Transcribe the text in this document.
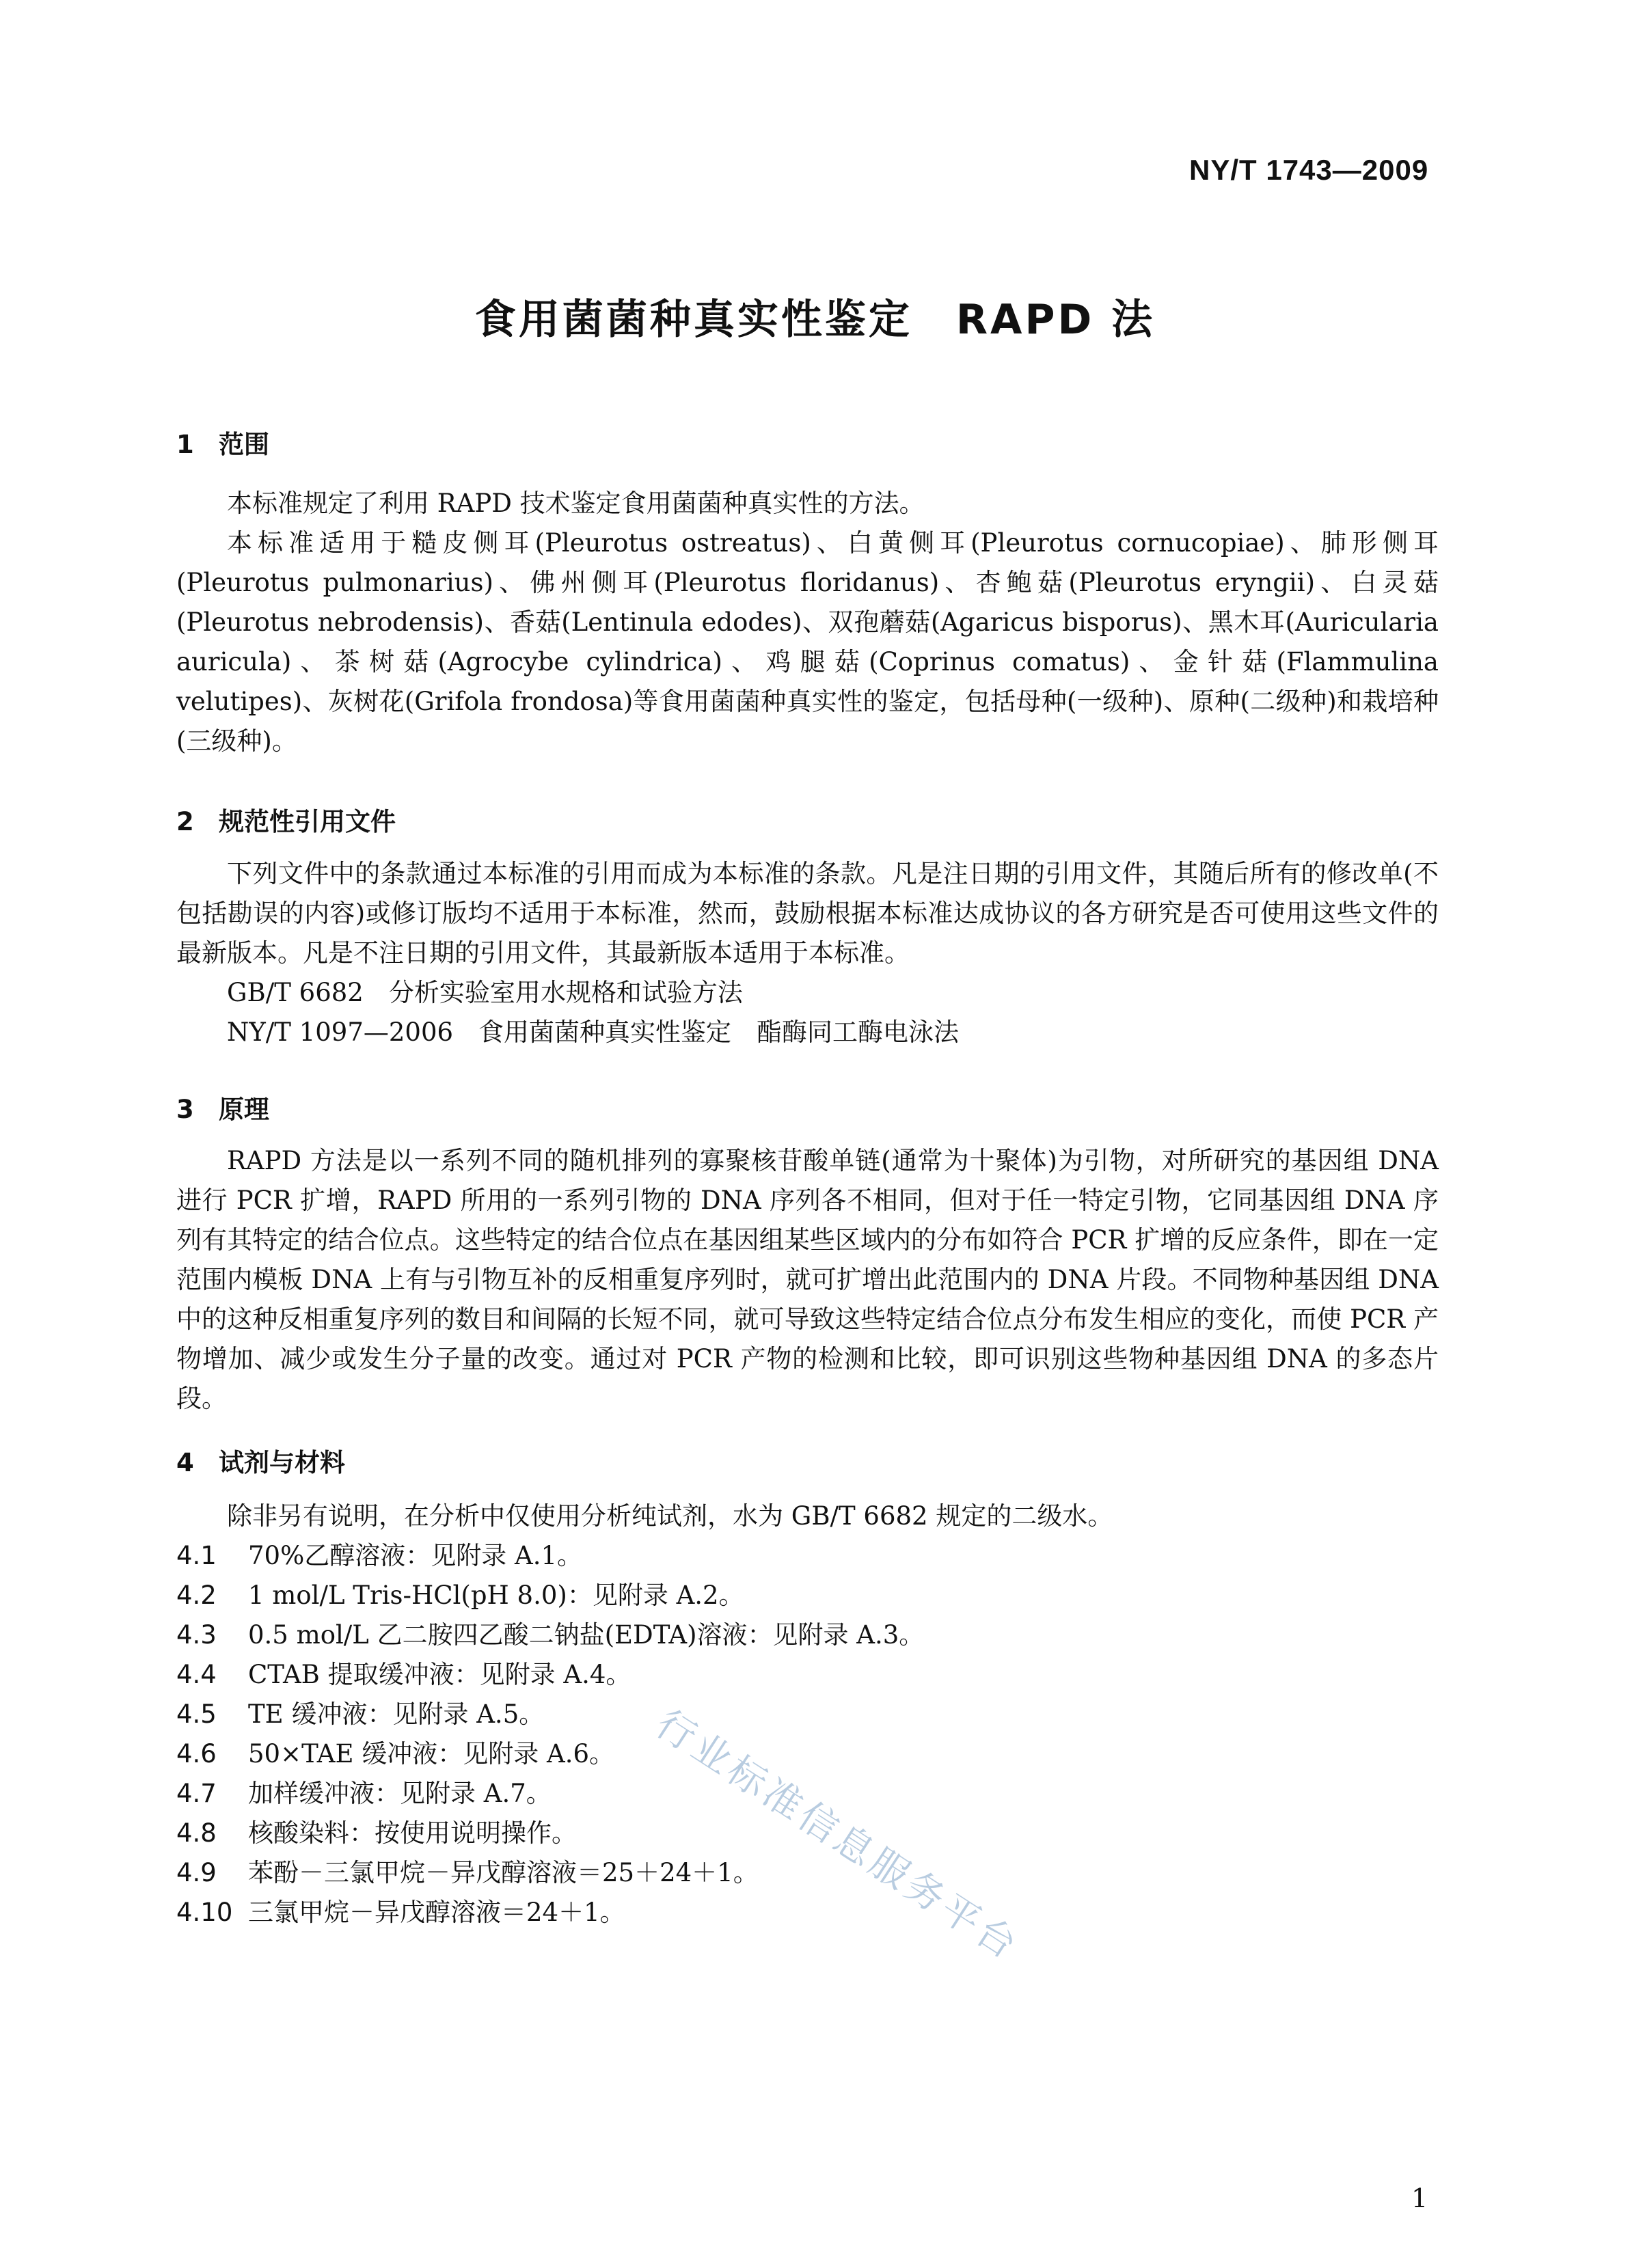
NY/T 1743—2009
食用菌菌种真实性鉴定　RAPD 法
1 范围

本标准规定了利用 RAPD 技术鉴定食用菌菌种真实性的方法。

本标准适用于糙皮侧耳(Pleurotus ostreatus)、白黄侧耳(Pleurotus cornucopiae)、肺形侧耳(Pleurotus pulmonarius)、佛州侧耳(Pleurotus floridanus)、杏鲍菇(Pleurotus eryngii)、白灵菇(Pleurotus nebrodensis)、香菇(Lentinula edodes)、双孢蘑菇(Agaricus bisporus)、黑木耳(Auricularia auricula)、茶树菇(Agrocybe cylindrica)、鸡腿菇(Coprinus comatus)、金针菇(Flammulina velutipes)、灰树花(Grifola frondosa)等食用菌菌种真实性的鉴定，包括母种(一级种)、原种(二级种)和栽培种(三级种)。

2 规范性引用文件

下列文件中的条款通过本标准的引用而成为本标准的条款。凡是注日期的引用文件，其随后所有的修改单(不包括勘误的内容)或修订版均不适用于本标准，然而，鼓励根据本标准达成协议的各方研究是否可使用这些文件的最新版本。凡是不注日期的引用文件，其最新版本适用于本标准。

GB/T 6682　分析实验室用水规格和试验方法
NY/T 1097—2006　食用菌菌种真实性鉴定　酯酶同工酶电泳法
3 原理

RAPD 方法是以一系列不同的随机排列的寡聚核苷酸单链(通常为十聚体)为引物，对所研究的基因组 DNA 进行 PCR 扩增，RAPD 所用的一系列引物的 DNA 序列各不相同，但对于任一特定引物，它同基因组 DNA 序列有其特定的结合位点。这些特定的结合位点在基因组某些区域内的分布如符合 PCR 扩增的反应条件，即在一定范围内模板 DNA 上有与引物互补的反相重复序列时，就可扩增出此范围内的 DNA 片段。不同物种基因组 DNA 中的这种反相重复序列的数目和间隔的长短不同，就可导致这些特定结合位点分布发生相应的变化，而使 PCR 产物增加、减少或发生分子量的改变。通过对 PCR 产物的检测和比较，即可识别这些物种基因组 DNA 的多态片段。

4 试剂与材料

除非另有说明，在分析中仅使用分析纯试剂，水为 GB/T 6682 规定的二级水。

4.1 70%乙醇溶液：见附录 A.1。
4.2 1 mol/L Tris-HCl(pH 8.0)：见附录 A.2。
4.3 0.5 mol/L 乙二胺四乙酸二钠盐(EDTA)溶液：见附录 A.3。
4.4 CTAB 提取缓冲液：见附录 A.4。
4.5 TE 缓冲液：见附录 A.5。
4.6 50×TAE 缓冲液：见附录 A.6。
4.7 加样缓冲液：见附录 A.7。
4.8 核酸染料：按使用说明操作。
4.9 苯酚－三氯甲烷－异戊醇溶液＝25＋24＋1。
4.10 三氯甲烷－异戊醇溶液＝24＋1。 行业标准信息服务平台
1
